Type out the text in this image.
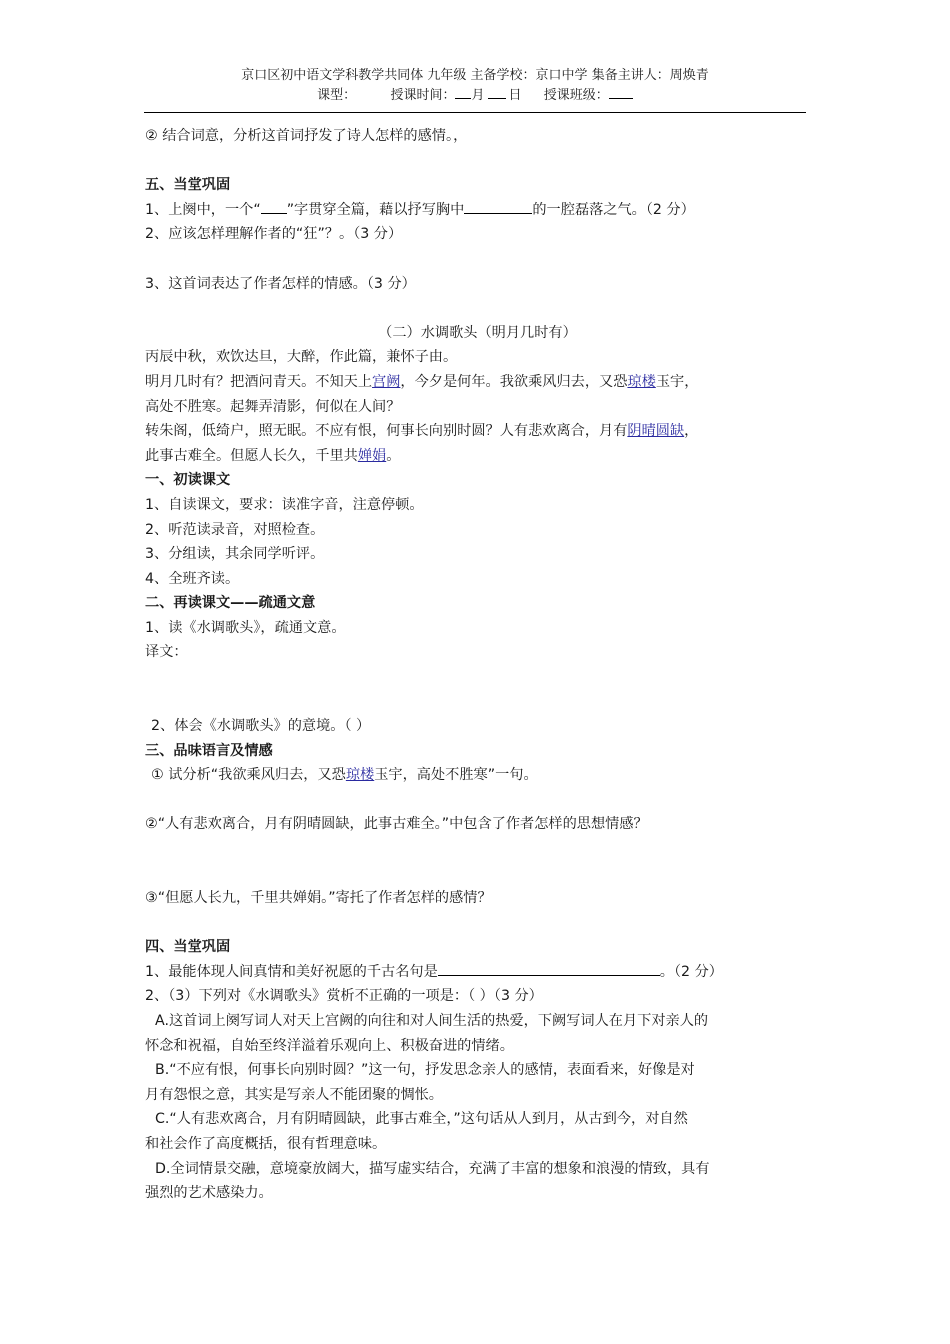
京口区初中语文学科教学共同体 九年级 主备学校：京口中学 集备主讲人：周焕青
课型：	授课时间： 月 日 授课班级：
② 结合词意，分析这首词抒发了诗人怎样的感情。，
五、当堂巩固
1、上阕中，一个“ ”字贯穿全篇，藉以抒写胸中	的一腔磊落之气。（2 分）
2、应该怎样理解作者的“狂”？。（3 分）
3、这首词表达了作者怎样的情感。（3 分）
（二）水调歌头（明月几时有）
丙辰中秋，欢饮达旦，大醉，作此篇，兼怀子由。
明月几时有？把酒问青天。不知天上宫阙，今夕是何年。我欲乘风归去，又恐琼楼玉宇，
高处不胜寒。起舞弄清影，何似在人间？
转朱阁，低绮户，照无眠。不应有恨，何事长向别时圆？人有悲欢离合，月有阴晴圆缺，
此事古难全。但愿人长久，千里共婵娟。
一、初读课文
1、自读课文，要求：读准字音，注意停顿。
2、听范读录音，对照检查。
3、分组读，其余同学听评。
4、全班齐读。
二、再读课文——疏通文意
1、读《水调歌头》，疏通文意。
译文：
2、体会《水调歌头》的意境。（ ）
三、品味语言及情感
① 试分析“我欲乘风归去，又恐琼楼玉宇，高处不胜寒”一句。
②“人有悲欢离合，月有阴晴圆缺，此事古难全。”中包含了作者怎样的思想情感？
③“但愿人长九，千里共婵娟。”寄托了作者怎样的感情？
四、当堂巩固
1、最能体现人间真情和美好祝愿的千古名句是	。（2 分）
2、（3）下列对《水调歌头》赏析不正确的一项是：（ ）（3 分）
A.这首词上阕写词人对天上宫阙的向往和对人间生活的热爱，下阙写词人在月下对亲人的
怀念和祝福，自始至终洋溢着乐观向上、积极奋进的情绪。
B.“不应有恨，何事长向别时圆？”这一句，抒发思念亲人的感情，表面看来，好像是对
月有怨恨之意，其实是写亲人不能团聚的惆怅。
C.“人有悲欢离合，月有阴晴圆缺，此事古难全，”这句话从人到月，从古到今，对自然
和社会作了高度概括，很有哲理意味。
D.全词情景交融，意境豪放阔大，描写虚实结合，充满了丰富的想象和浪漫的情致，具有
强烈的艺术感染力。
